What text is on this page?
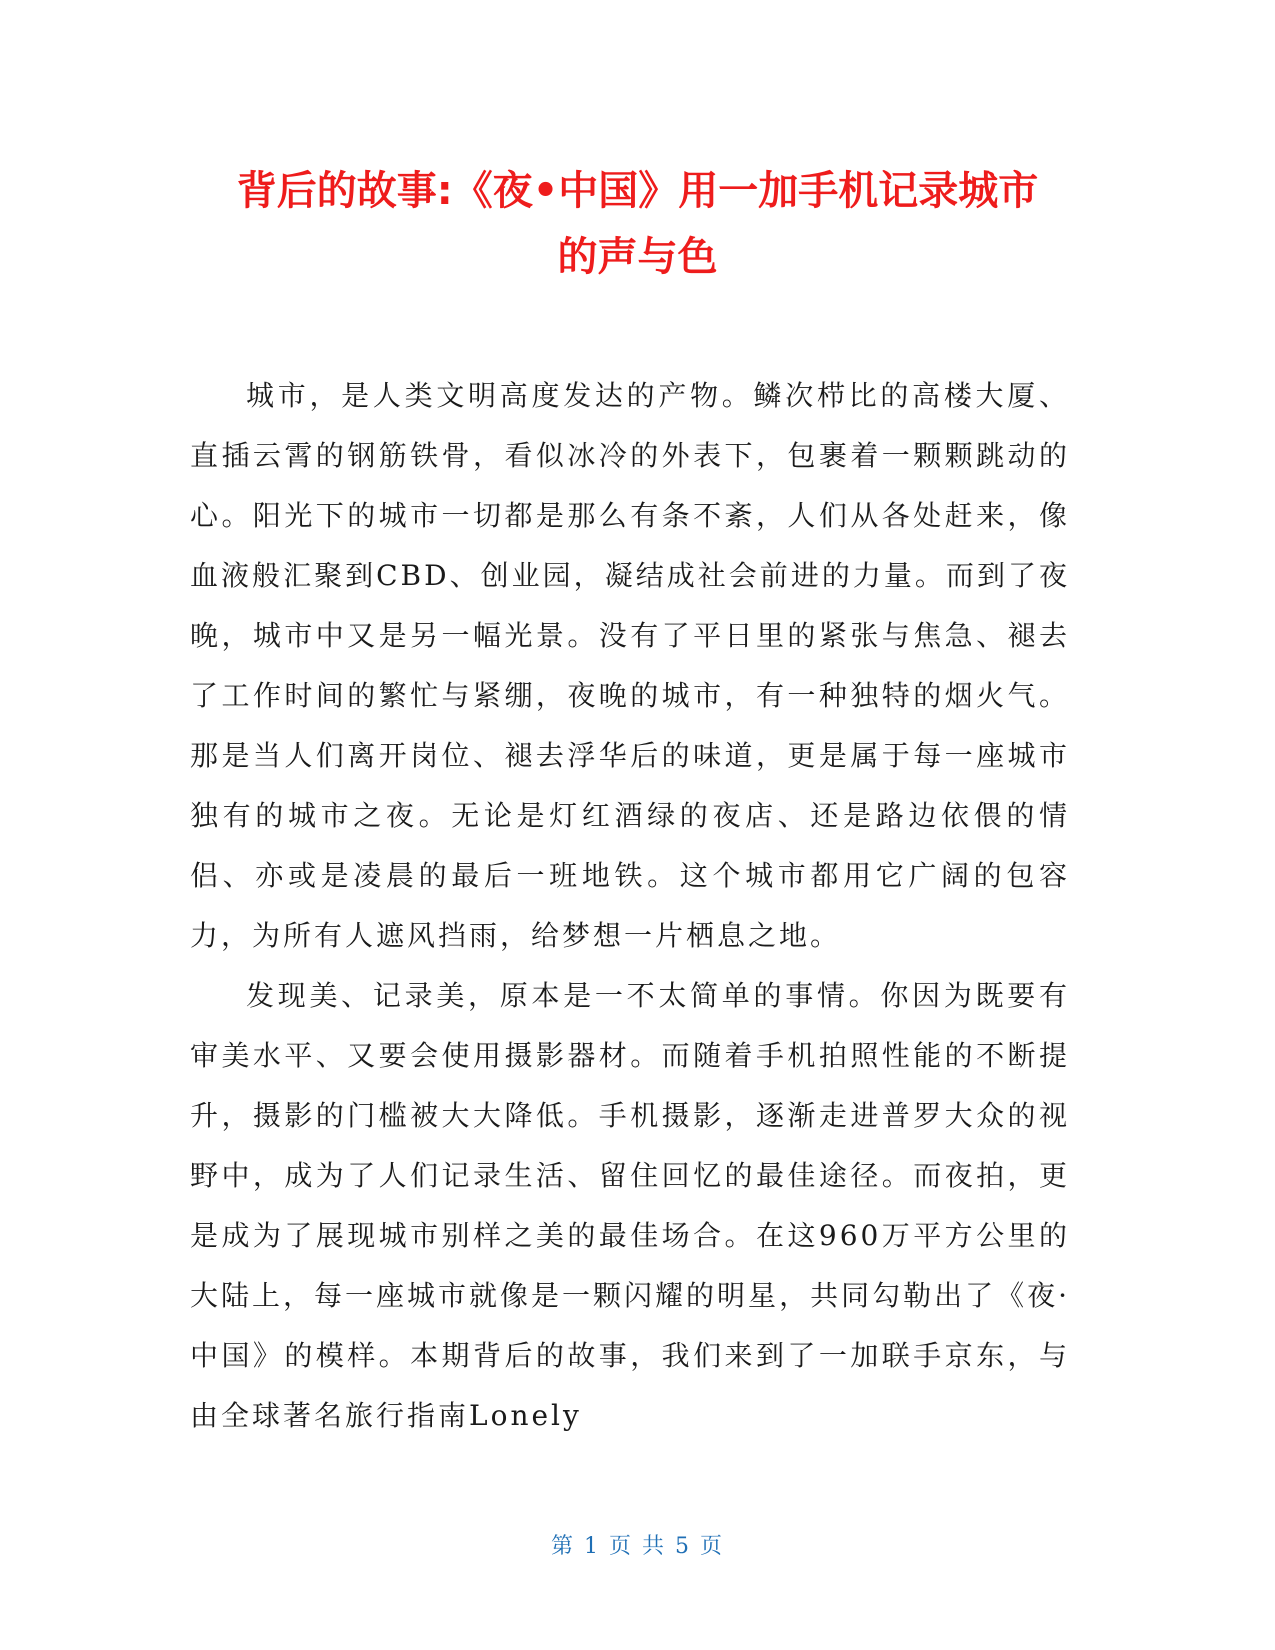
背后的故事:《夜•中国》用一加手机记录城市
的声与色

城市，是人类文明高度发达的产物。鳞次栉比的高楼大厦、直插云霄的钢筋铁骨，看似冰冷的外表下，包裹着一颗颗跳动的心。阳光下的城市一切都是那么有条不紊，人们从各处赶来，像血液般汇聚到CBD、创业园，凝结成社会前进的力量。而到了夜晚，城市中又是另一幅光景。没有了平日里的紧张与焦急、褪去了工作时间的繁忙与紧绷，夜晚的城市，有一种独特的烟火气。那是当人们离开岗位、褪去浮华后的味道，更是属于每一座城市独有的城市之夜。无论是灯红酒绿的夜店、还是路边依偎的情侣、亦或是凌晨的最后一班地铁。这个城市都用它广阔的包容力，为所有人遮风挡雨，给梦想一片栖息之地。

发现美、记录美，原本是一不太简单的事情。你因为既要有审美水平、又要会使用摄影器材。而随着手机拍照性能的不断提升，摄影的门槛被大大降低。手机摄影，逐渐走进普罗大众的视野中，成为了人们记录生活、留住回忆的最佳途径。而夜拍，更是成为了展现城市别样之美的最佳场合。在这960万平方公里的大陆上，每一座城市就像是一颗闪耀的明星，共同勾勒出了《夜·中国》的模样。本期背后的故事，我们来到了一加联手京东，与由全球著名旅行指南Lonely

第 1 页 共 5 页
